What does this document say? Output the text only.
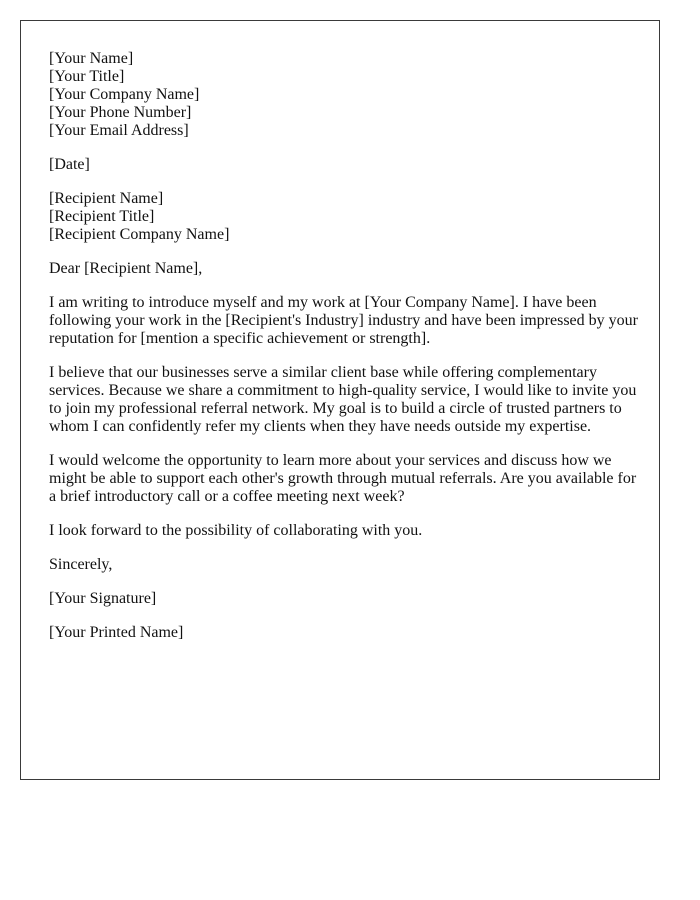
[Your Name]
[Your Title]
[Your Company Name]
[Your Phone Number]
[Your Email Address]
[Date]
[Recipient Name]
[Recipient Title]
[Recipient Company Name]
Dear [Recipient Name],

I am writing to introduce myself and my work at [Your Company Name]. I have been following your work in the [Recipient's Industry] industry and have been impressed by your reputation for [mention a specific achievement or strength].

I believe that our businesses serve a similar client base while offering complementary services. Because we share a commitment to high-quality service, I would like to invite you to join my professional referral network. My goal is to build a circle of trusted partners to whom I can confidently refer my clients when they have needs outside my expertise.

I would welcome the opportunity to learn more about your services and discuss how we might be able to support each other's growth through mutual referrals. Are you available for a brief introductory call or a coffee meeting next week?

I look forward to the possibility of collaborating with you.

Sincerely,
[Your Signature]
[Your Printed Name]
